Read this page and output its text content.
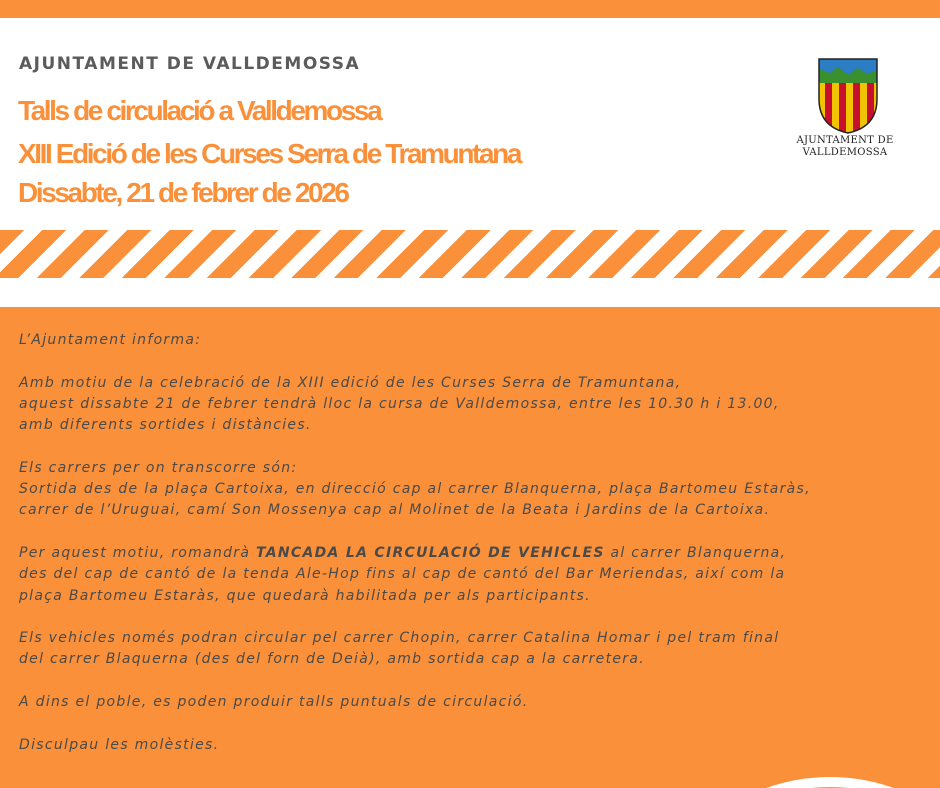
AJUNTAMENT DE VALLDEMOSSA
Talls de circulació a Valldemossa
XIII Edició de les Curses Serra de Tramuntana
Dissabte, 21 de febrer de 2026
AJUNTAMENT DE
VALLDEMOSSA

L’Ajuntament informa:

Amb motiu de la celebració de la XIII edició de les Curses Serra de Tramuntana,
aquest dissabte 21 de febrer tendrà lloc la cursa de Valldemossa, entre les 10.30 h i 13.00,
amb diferents sortides i distàncies.

Els carrers per on transcorre són:
Sortida des de la plaça Cartoixa, en direcció cap al carrer Blanquerna, plaça Bartomeu Estaràs,
carrer de l’Uruguai, camí Son Mossenya cap al Molinet de la Beata i Jardins de la Cartoixa.

Per aquest motiu, romandrà TANCADA LA CIRCULACIÓ DE VEHICLES al carrer Blanquerna,
des del cap de cantó de la tenda Ale-Hop fins al cap de cantó del Bar Meriendas, així com la
plaça Bartomeu Estaràs, que quedarà habilitada per als participants.

Els vehicles només podran circular pel carrer Chopin, carrer Catalina Homar i pel tram final
del carrer Blaquerna (des del forn de Deià), amb sortida cap a la carretera.

A dins el poble, es poden produir talls puntuals de circulació.

Disculpau les molèsties.
